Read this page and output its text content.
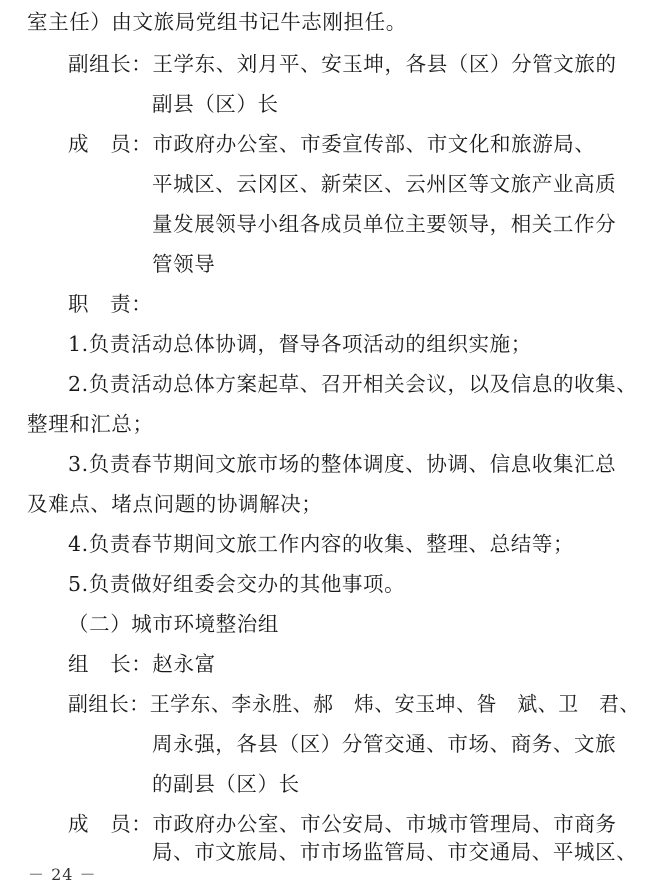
室主任）由文旅局党组书记牛志刚担任。
副组长：王学东、刘月平、安玉坤，各县（区）分管文旅的
副县（区）长
成　员：市政府办公室、市委宣传部、市文化和旅游局、
平城区、云冈区、新荣区、云州区等文旅产业高质
量发展领导小组各成员单位主要领导，相关工作分
管领导
职　责：
1.负责活动总体协调，督导各项活动的组织实施；
2.负责活动总体方案起草、召开相关会议，以及信息的收集、
整理和汇总；
3.负责春节期间文旅市场的整体调度、协调、信息收集汇总
及难点、堵点问题的协调解决；
4.负责春节期间文旅工作内容的收集、整理、总结等；
5.负责做好组委会交办的其他事项。
（二）城市环境整治组
组　长：赵永富
副组长：王学东、李永胜、郝　炜、安玉坤、昝　斌、卫　君、
周永强，各县（区）分管交通、市场、商务、文旅
的副县（区）长
成　员：市政府办公室、市公安局、市城市管理局、市商务
局、市文旅局、市市场监管局、市交通局、平城区、
－ 24 －
